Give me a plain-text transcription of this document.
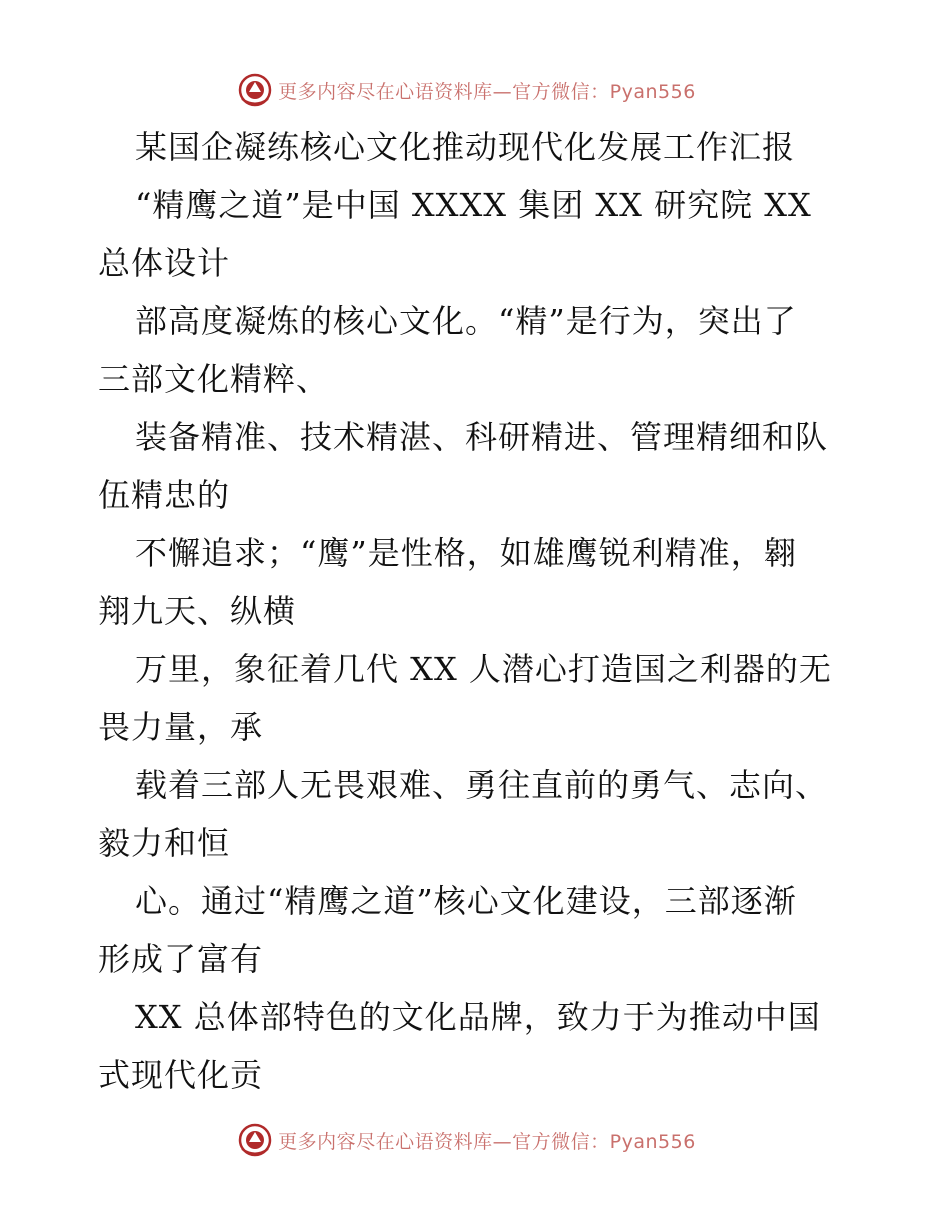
更多内容尽在心语资料库—官方微信：Pyan556
某国企凝练核心文化推动现代化发展工作汇报
“精鹰之道”是中国 XXXX 集团 XX 研究院 XX
总体设计
部高度凝炼的核心文化。“精”是行为，突出了
三部文化精粹、
装备精准、技术精湛、科研精进、管理精细和队
伍精忠的
不懈追求；“鹰”是性格，如雄鹰锐利精准，翱
翔九天、纵横
万里，象征着几代 XX 人潜心打造国之利器的无
畏力量，承
载着三部人无畏艰难、勇往直前的勇气、志向、
毅力和恒
心。通过“精鹰之道”核心文化建设，三部逐渐
形成了富有
XX 总体部特色的文化品牌，致力于为推动中国
式现代化贡
更多内容尽在心语资料库—官方微信：Pyan556
